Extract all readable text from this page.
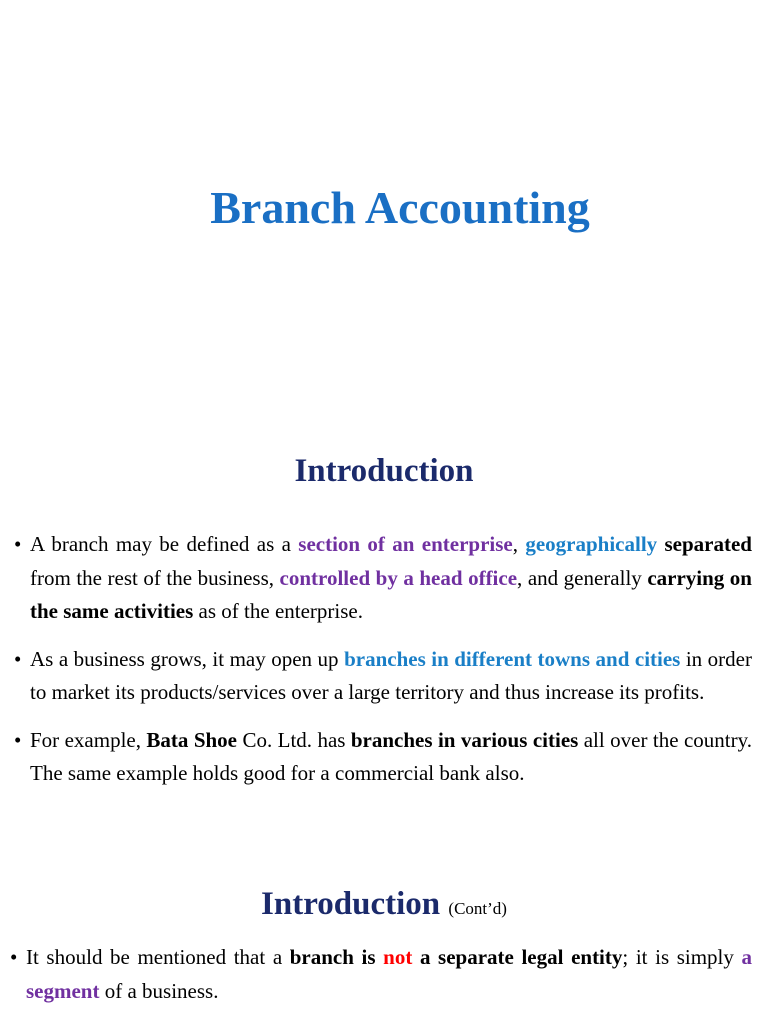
Branch Accounting
Introduction
• A branch may be defined as a section of an enterprise, geographically separated from the rest of the business, controlled by a head office, and generally carrying on the same activities as of the enterprise.
• As a business grows, it may open up branches in different towns and cities in order to market its products/services over a large territory and thus increase its profits.
• For example, Bata Shoe Co. Ltd. has branches in various cities all over the country. The same example holds good for a commercial bank also.
Introduction (Cont’d)
• It should be mentioned that a branch is not a separate legal entity; it is simply a segment of a business.
